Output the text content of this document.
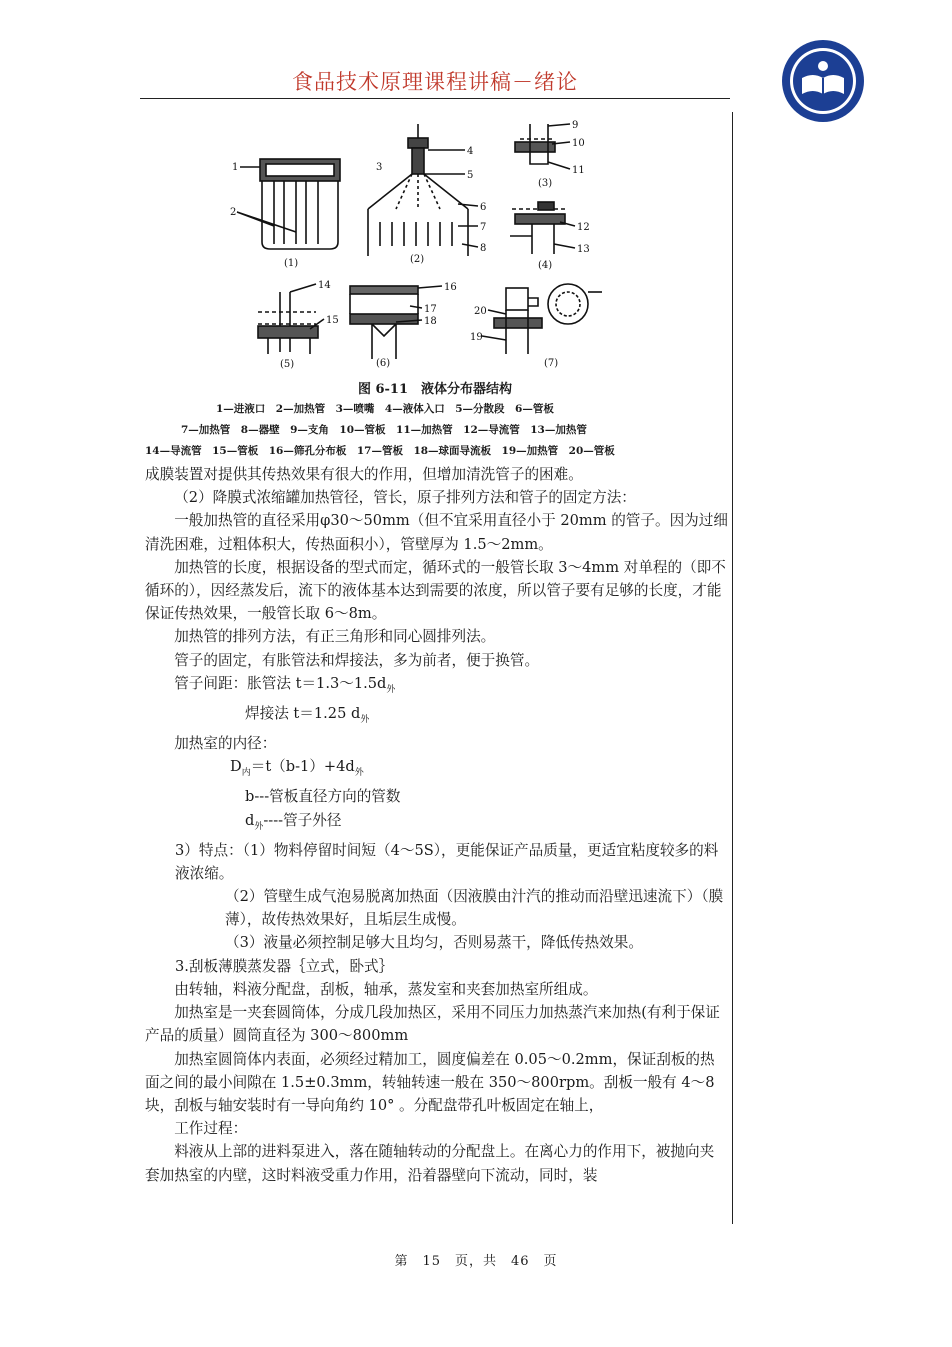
食品技术原理课程讲稿－绪论
1
2
3
4
5
6
7
8
9
10
11
12
13
14
15
16
17
18
19
20
(1)	(2)
(3)
(4)
(5)	(6)	(7)
图 6-11　液体分布器结构
1—进液口　2—加热管　3—喷嘴　4—液体入口　5—分散段　6—管板
7—加热管　8—器壁　9—支角　10—管板　11—加热管　12—导流管　13—加热管
14—导流管　15—管板　16—筛孔分布板　17—管板　18—球面导流板　19—加热管　20—管板

成膜装置对提供其传热效果有很大的作用，但增加清洗管子的困难。

（2）降膜式浓缩罐加热管径，管长，原子排列方法和管子的固定方法：

一般加热管的直径采用φ30～50mm（但不宜采用直径小于 20mm 的管子。因为过细清洗困难，过粗体积大，传热面积小），管壁厚为 1.5～2mm。

加热管的长度，根据设备的型式而定，循环式的一般管长取 3～4mm 对单程的（即不循环的），因经蒸发后，流下的液体基本达到需要的浓度，所以管子要有足够的长度，才能保证传热效果，一般管长取 6～8m。

加热管的排列方法，有正三角形和同心圆排列法。

管子的固定，有胀管法和焊接法，多为前者，便于换管。

管子间距：胀管法 $t=1.3\sim 1.5d_外$

焊接法 t＝1.25 $d_外$

加热室的内径：

$D_内=t(b-1)+4d_外$

b---管板直径方向的管数

$d_外----$管子外径

3）特点：（1）物料停留时间短（4～5S），更能保证产品质量，更适宜粘度较多的料液浓缩。

（2）管壁生成气泡易脱离加热面（因液膜由汁汽的推动而沿壁迅速流下）（膜薄），故传热效果好，且垢层生成慢。

（3）液量必须控制足够大且均匀，否则易蒸干，降低传热效果。

3.刮板薄膜蒸发器｛立式，卧式｝

由转轴，料液分配盘，刮板，轴承，蒸发室和夹套加热室所组成。

加热室是一夹套圆筒体，分成几段加热区，采用不同压力加热蒸汽来加热(有利于保证产品的质量）圆筒直径为 300～800mm

加热室圆筒体内表面，必须经过精加工，圆度偏差在 0.05～0.2mm，保证刮板的热面之间的最小间隙在 1.5±0.3mm，转轴转速一般在 350～800rpm。刮板一般有 4～8 块，刮板与轴安装时有一导向角约 10° 。分配盘带孔叶板固定在轴上，

工作过程：

料液从上部的进料泵进入，落在随轴转动的分配盘上。在离心力的作用下，被抛向夹套加热室的内壁，这时料液受重力作用，沿着器壁向下流动，同时，装

第　15　页，共　46　页
